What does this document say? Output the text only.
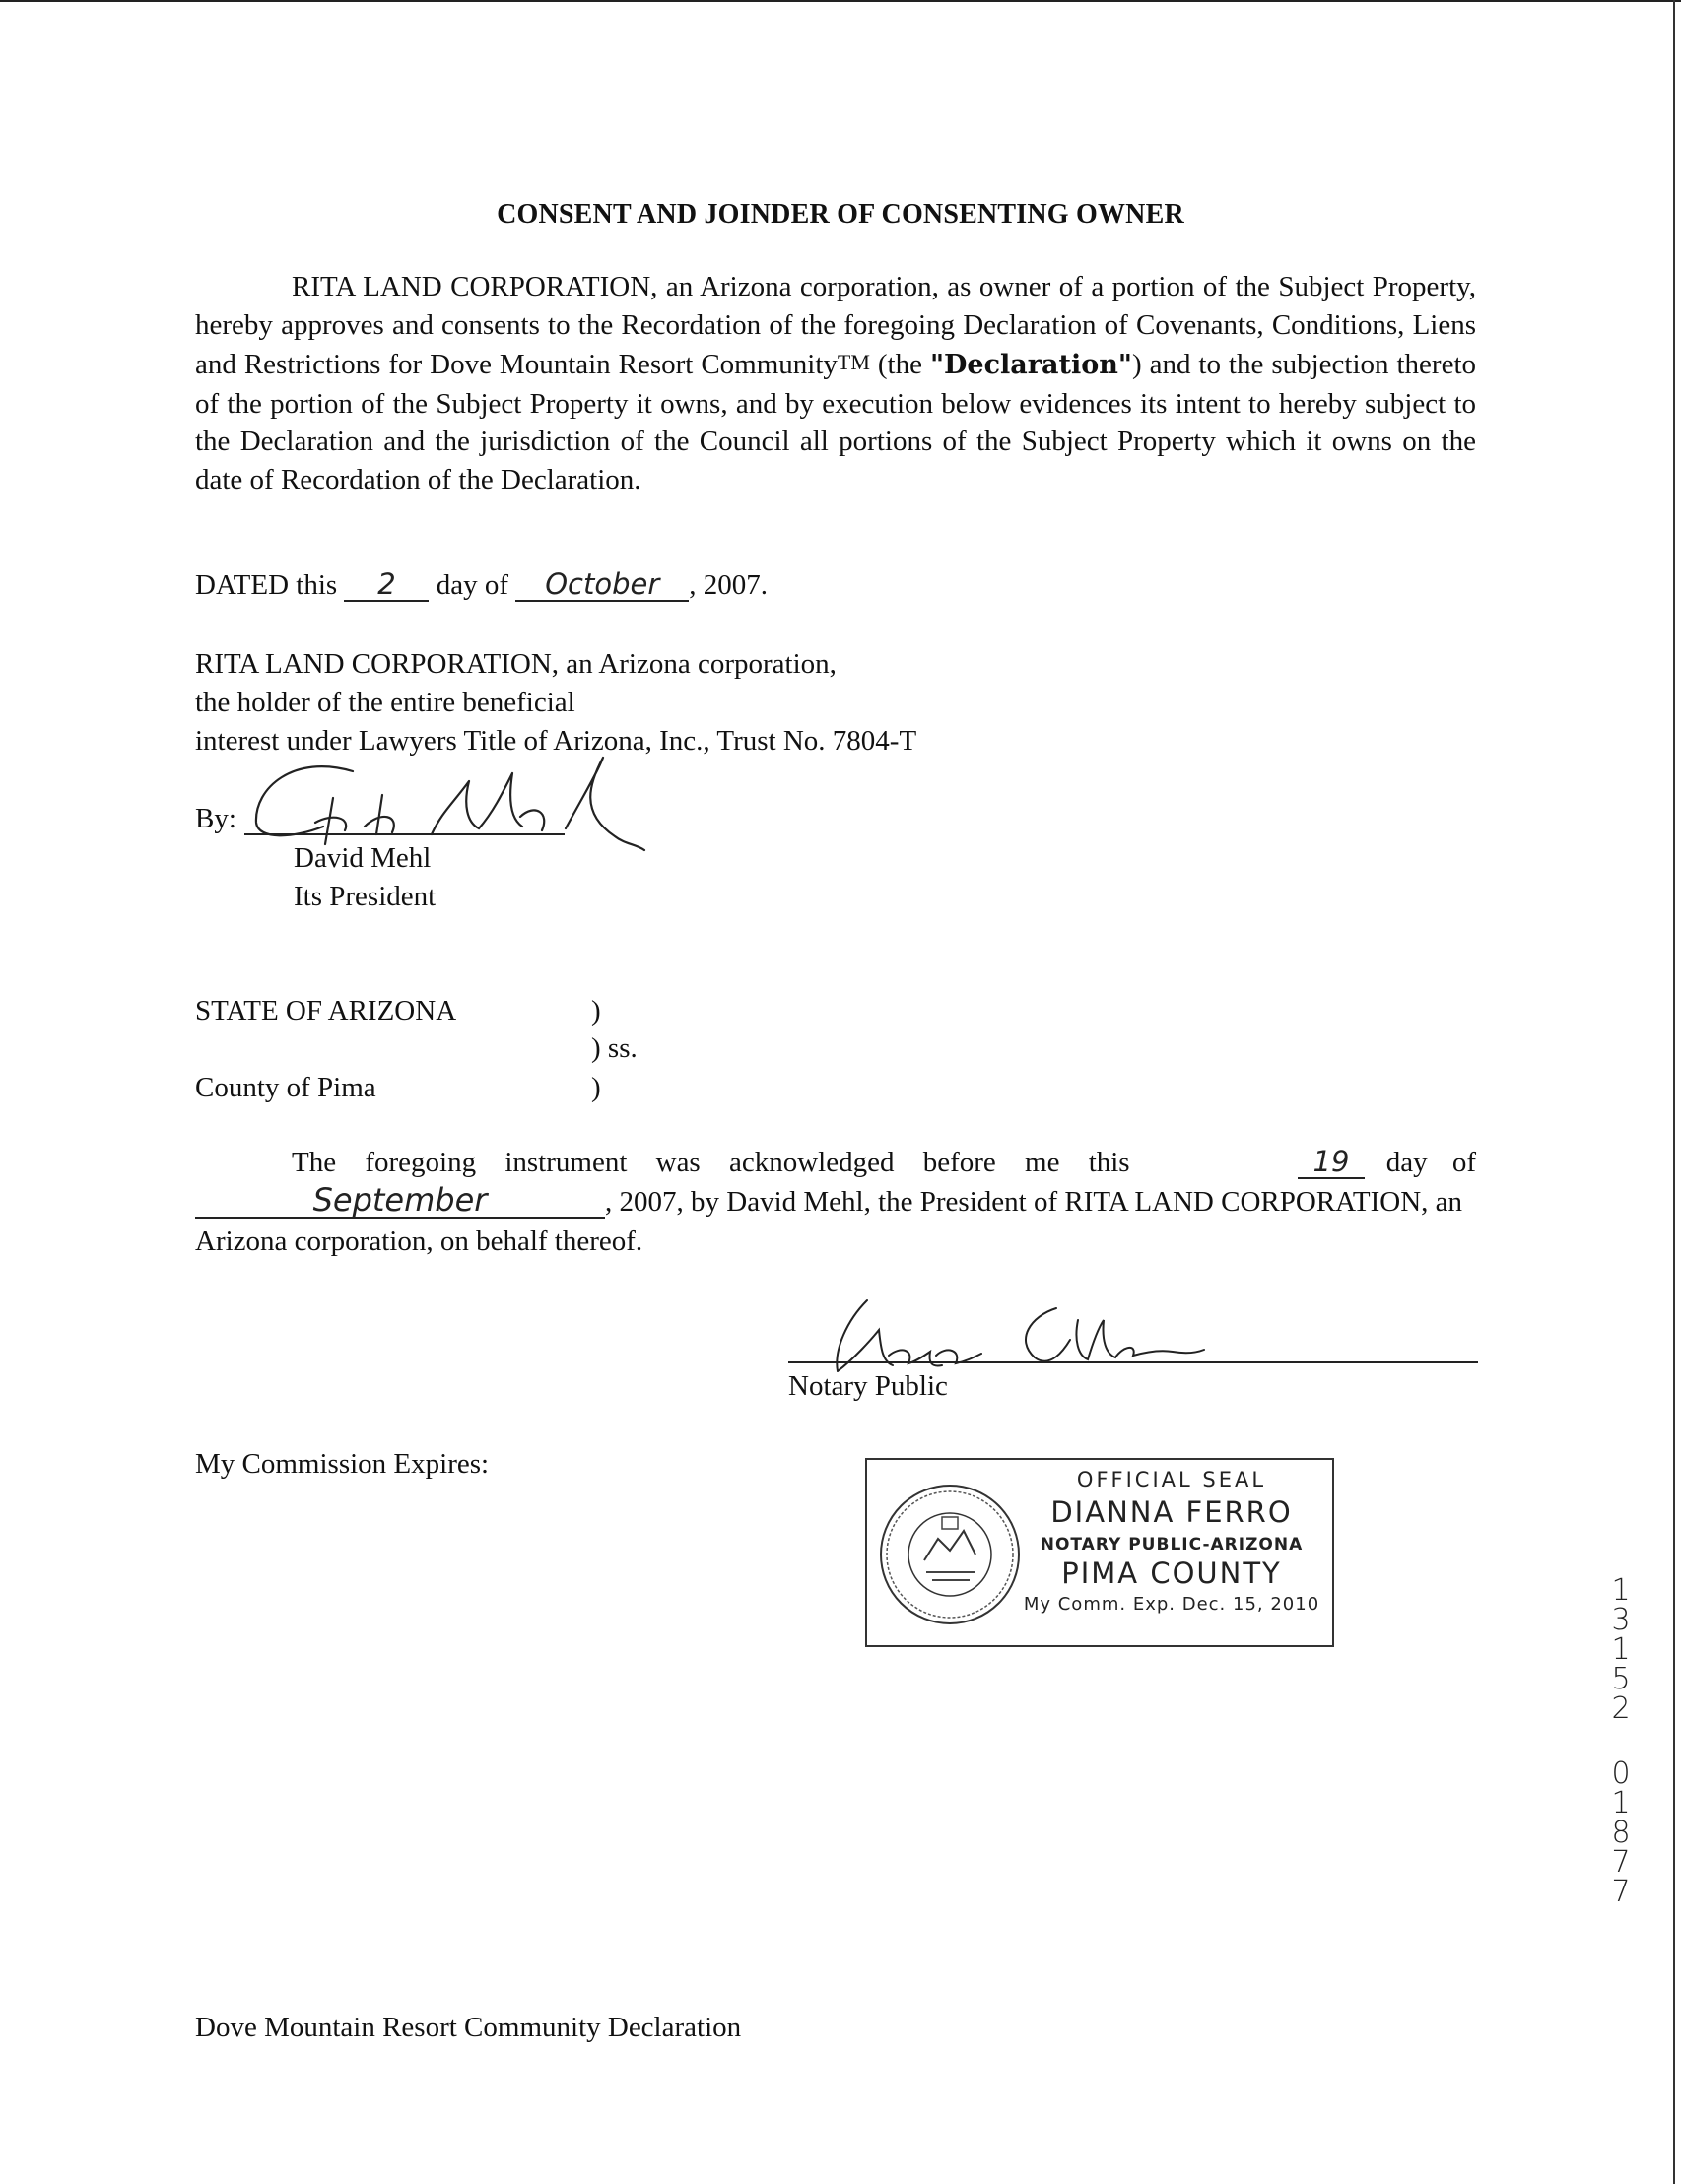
CONSENT AND JOINDER OF CONSENTING OWNER
RITA LAND CORPORATION, an Arizona corporation, as owner of a portion of the Subject Property, hereby approves and consents to the Recordation of the foregoing Declaration of Covenants, Conditions, Liens and Restrictions for Dove Mountain Resort CommunityTM (the "Declaration") and to the subjection thereto of the portion of the Subject Property it owns, and by execution below evidences its intent to hereby subject to the Declaration and the jurisdiction of the Council all portions of the Subject Property which it owns on the date of Recordation of the Declaration.
DATED this 2 day of October , 2007.
RITA LAND CORPORATION, an Arizona corporation,
the holder of the entire beneficial
interest under Lawyers Title of Arizona, Inc., Trust No. 7804-T
By:
David Mehl
Its President
STATE OF ARIZONA	)
) ss.
County of Pima	)
The foregoing instrument was acknowledged before me this	19 day of
September	, 2007, by David Mehl, the President of RITA LAND CORPORATION, an Arizona corporation, on behalf thereof.
Notary Public
My Commission Expires:	OFFICIAL SEAL
DIANNA FERRO
NOTARY PUBLIC-ARIZONA
PIMA COUNTY
My Comm. Exp. Dec. 15, 2010	1
3
1
5
2
0
1
8
7
7
Dove Mountain Resort Community Declaration
